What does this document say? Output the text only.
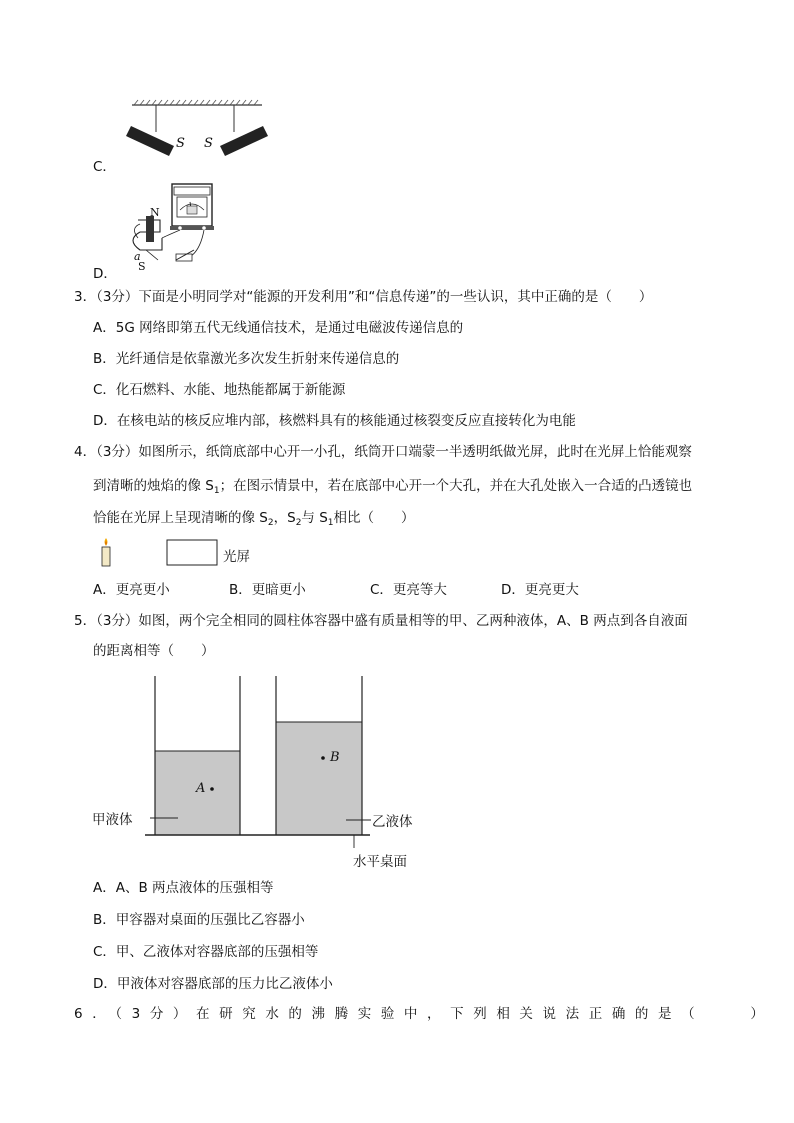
S S
C．
N
a
S
D．
3．（3分）下面是小明同学对“能源的开发利用”和“信息传递”的一些认识，其中正确的是（　　）
A．5G 网络即第五代无线通信技术，是通过电磁波传递信息的
B．光纤通信是依靠激光多次发生折射来传递信息的
C．化石燃料、水能、地热能都属于新能源
D．在核电站的核反应堆内部，核燃料具有的核能通过核裂变反应直接转化为电能
4．（3分）如图所示，纸筒底部中心开一小孔，纸筒开口端蒙一半透明纸做光屏，此时在光屏上恰能观察
到清晰的烛焰的像 $S_1$；在图示情景中，若在底部中心开一个大孔，并在大孔处嵌入一合适的凸透镜也
恰能在光屏上呈现清晰的像 $S_2$，$S_2$与 $S_1$相比（　　）
光屏
A．更亮更小	B．更暗更小	C．更亮等大	D．更亮更大
5．（3分）如图，两个完全相同的圆柱体容器中盛有质量相等的甲、乙两种液体，A、B 两点到各自液面
的距离相等（　　）
A
B
甲液体	乙液体
水平桌面
A．A、B 两点液体的压强相等
B．甲容器对桌面的压强比乙容器小
C．甲、乙液体对容器底部的压强相等
D．甲液体对容器底部的压力比乙液体小
6．（3分）在研究水的沸腾实验中，下列相关说法正确的是（　　）
